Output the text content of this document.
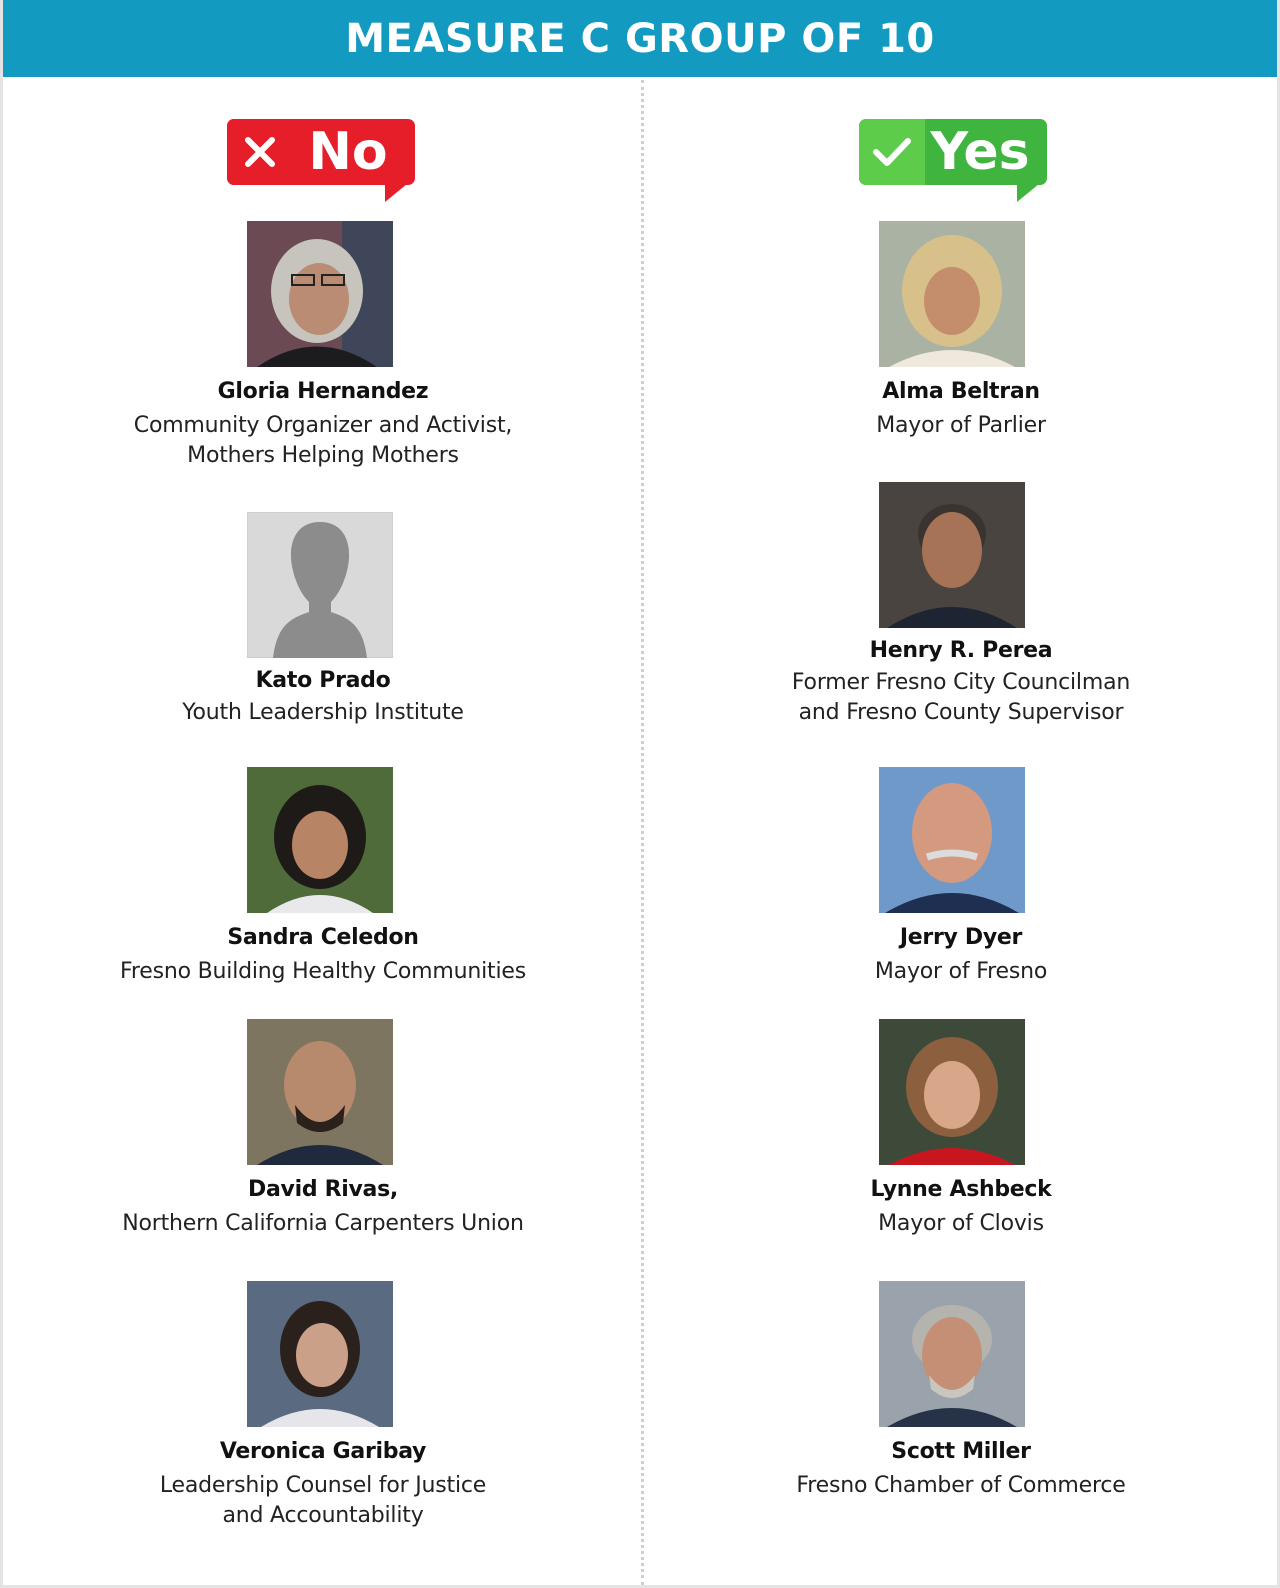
MEASURE C GROUP OF 10
No
Gloria Hernandez
Community Organizer and Activist,
Mothers Helping Mothers
Kato Prado
Youth Leadership Institute
Sandra Celedon
Fresno Building Healthy Communities
David Rivas,
Northern California Carpenters Union
Veronica Garibay
Leadership Counsel for Justice
and Accountability
Yes
Alma Beltran
Mayor of Parlier
Henry R. Perea
Former Fresno City Councilman
and Fresno County Supervisor
Jerry Dyer
Mayor of Fresno
Lynne Ashbeck
Mayor of Clovis
Scott Miller
Fresno Chamber of Commerce
